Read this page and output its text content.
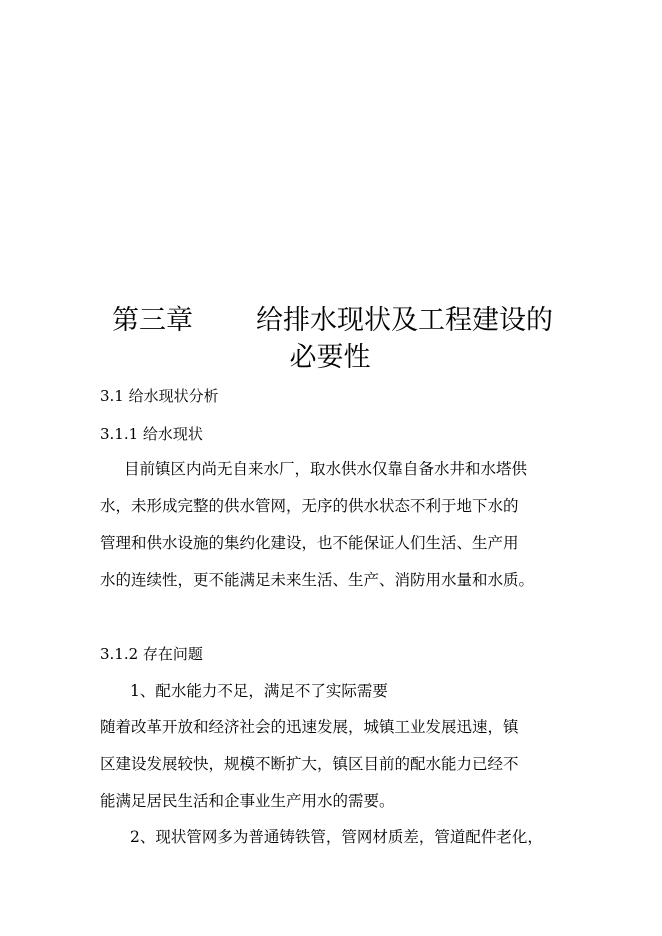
第三章 给排水现状及工程建设的
必要性
3.1 给水现状分析
3.1.1 给水现状
目前镇区内尚无自来水厂，取水供水仅靠自备水井和水塔供
水，未形成完整的供水管网，无序的供水状态不利于地下水的
管理和供水设施的集约化建设，也不能保证人们生活、生产用
水的连续性，更不能满足未来生活、生产、消防用水量和水质。
3.1.2 存在问题
1、配水能力不足，满足不了实际需要
随着改革开放和经济社会的迅速发展，城镇工业发展迅速，镇
区建设发展较快，规模不断扩大，镇区目前的配水能力已经不
能满足居民生活和企事业生产用水的需要。
2、现状管网多为普通铸铁管，管网材质差，管道配件老化，
